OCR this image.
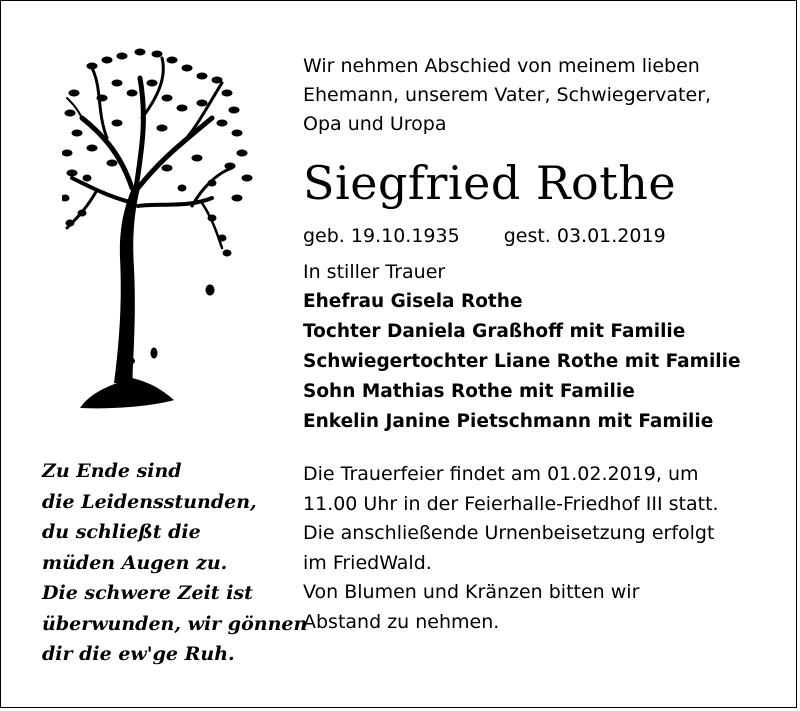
Zu Ende sind
die Leidensstunden,
du schließt die
müden Augen zu.
Die schwere Zeit ist
überwunden, wir gönnen
dir die ew'ge Ruh.
Wir nehmen Abschied von meinem lieben
Ehemann, unserem Vater, Schwiegervater,
Opa und Uropa
Siegfried Rothe
geb. 19.10.1935 gest. 03.01.2019
In stiller Trauer
Ehefrau Gisela Rothe
Tochter Daniela Graßhoff mit Familie
Schwiegertochter Liane Rothe mit Familie
Sohn Mathias Rothe mit Familie
Enkelin Janine Pietschmann mit Familie
Die Trauerfeier findet am 01.02.2019, um
11.00 Uhr in der Feierhalle-Friedhof III statt.
Die anschließende Urnenbeisetzung erfolgt
im FriedWald.
Von Blumen und Kränzen bitten wir
Abstand zu nehmen.
